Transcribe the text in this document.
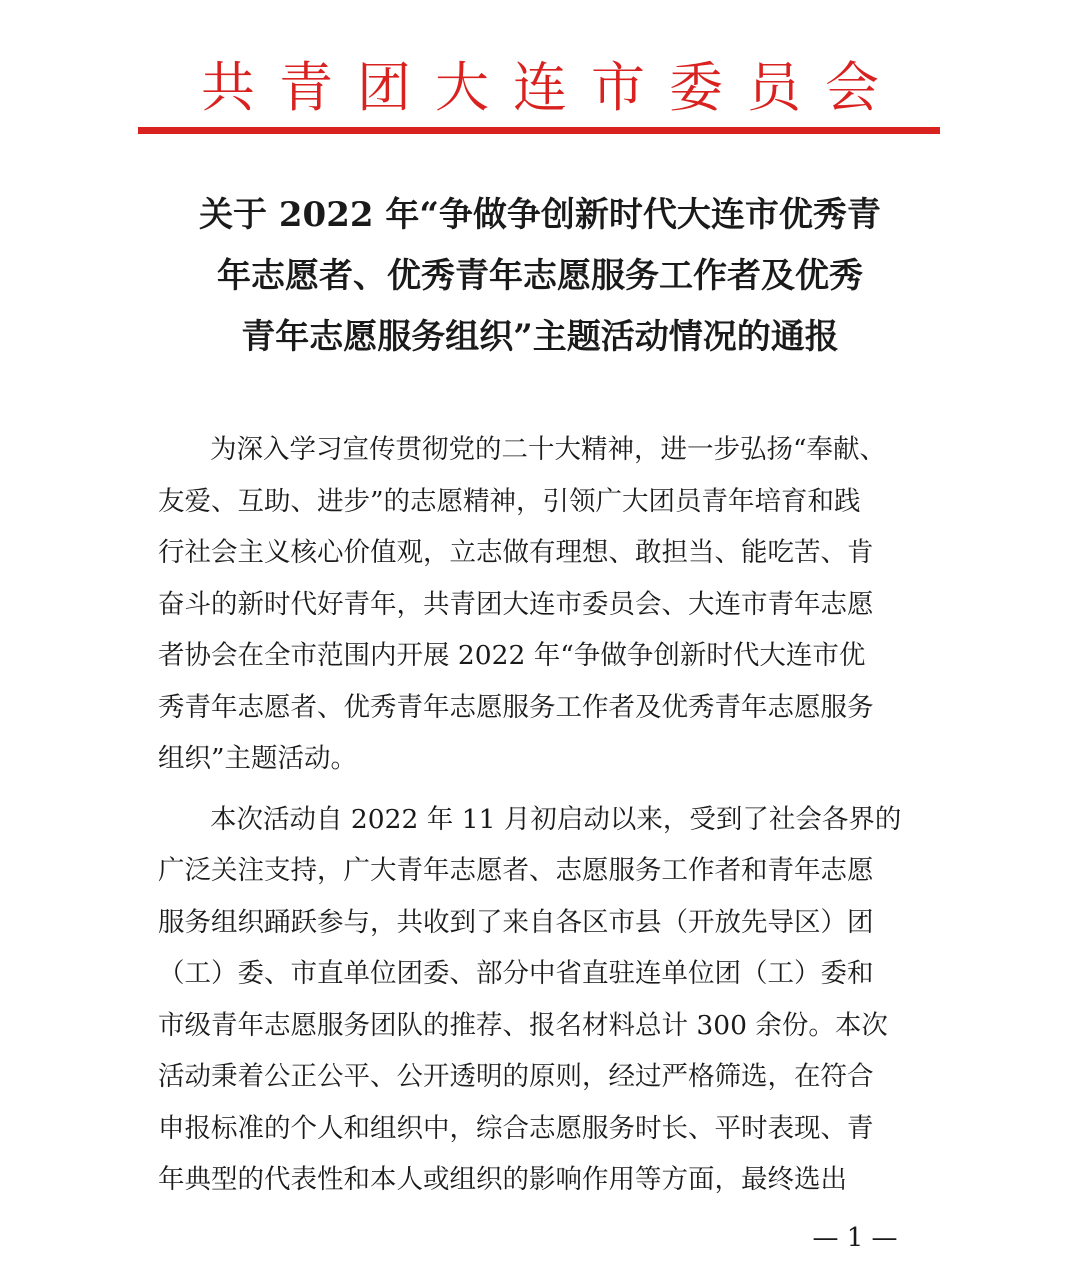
共青团大连市委员会
关于 2022 年“争做争创新时代大连市优秀青
年志愿者、优秀青年志愿服务工作者及优秀
青年志愿服务组织”主题活动情况的通报
为深入学习宣传贯彻党的二十大精神，进一步弘扬“奉献、
友爱、互助、进步”的志愿精神，引领广大团员青年培育和践
行社会主义核心价值观，立志做有理想、敢担当、能吃苦、肯
奋斗的新时代好青年，共青团大连市委员会、大连市青年志愿
者协会在全市范围内开展 2022 年“争做争创新时代大连市优
秀青年志愿者、优秀青年志愿服务工作者及优秀青年志愿服务
组织”主题活动。
本次活动自 2022 年 11 月初启动以来，受到了社会各界的
广泛关注支持，广大青年志愿者、志愿服务工作者和青年志愿
服务组织踊跃参与，共收到了来自各区市县（开放先导区）团
（工）委、市直单位团委、部分中省直驻连单位团（工）委和
市级青年志愿服务团队的推荐、报名材料总计 300 余份。本次
活动秉着公正公平、公开透明的原则，经过严格筛选，在符合
申报标准的个人和组织中，综合志愿服务时长、平时表现、青
年典型的代表性和本人或组织的影响作用等方面，最终选出
— 1 —
